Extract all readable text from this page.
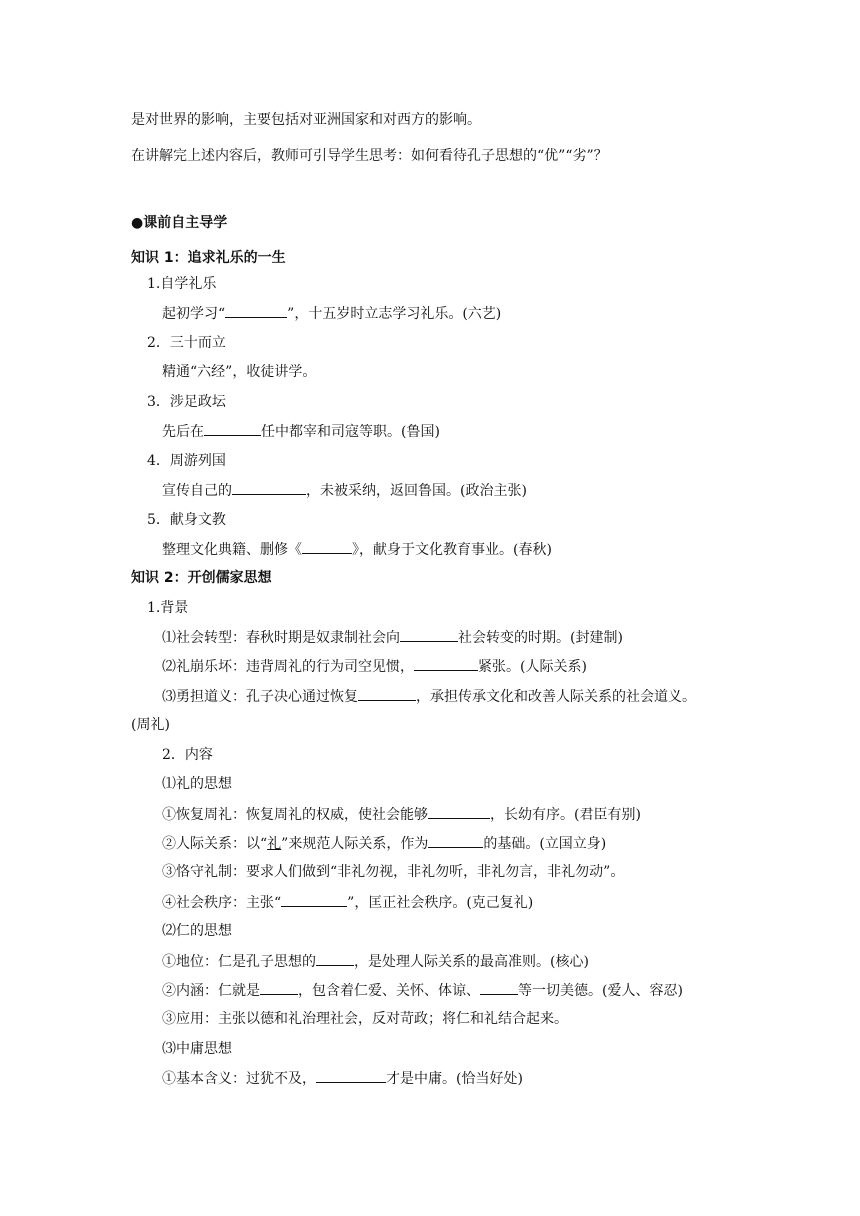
是对世界的影响，主要包括对亚洲国家和对西方的影响。
在讲解完上述内容后，教师可引导学生思考：如何看待孔子思想的“优”“劣”？
●课前自主导学
知识 1：追求礼乐的一生
1.自学礼乐
起初学习“	”，十五岁时立志学习礼乐。(六艺)
2．三十而立
精通“六经”，收徒讲学。
3．涉足政坛
先后在	任中都宰和司寇等职。(鲁国)
4．周游列国
宣传自己的	，未被采纳，返回鲁国。(政治主张)
5．献身文教
整理文化典籍、删修《	》，献身于文化教育事业。(春秋)
知识 2：开创儒家思想
1.背景
⑴社会转型：春秋时期是奴隶制社会向	社会转变的时期。(封建制)
⑵礼崩乐坏：违背周礼的行为司空见惯，	紧张。(人际关系)
⑶勇担道义：孔子决心通过恢复	，承担传承文化和改善人际关系的社会道义。
(周礼)
2．内容
⑴礼的思想
①恢复周礼：恢复周礼的权威，使社会能够	，长幼有序。(君臣有别)
②人际关系：以“礼”来规范人际关系，作为	的基础。(立国立身)
③恪守礼制：要求人们做到“非礼勿视，非礼勿听，非礼勿言，非礼勿动”。
④社会秩序：主张“	”，匡正社会秩序。(克己复礼)
⑵仁的思想
①地位：仁是孔子思想的	，是处理人际关系的最高准则。(核心)
②内涵：仁就是	，包含着仁爱、关怀、体谅、	等一切美德。(爱人、容忍)
③应用：主张以德和礼治理社会，反对苛政；将仁和礼结合起来。
⑶中庸思想
①基本含义：过犹不及，	才是中庸。(恰当好处)
